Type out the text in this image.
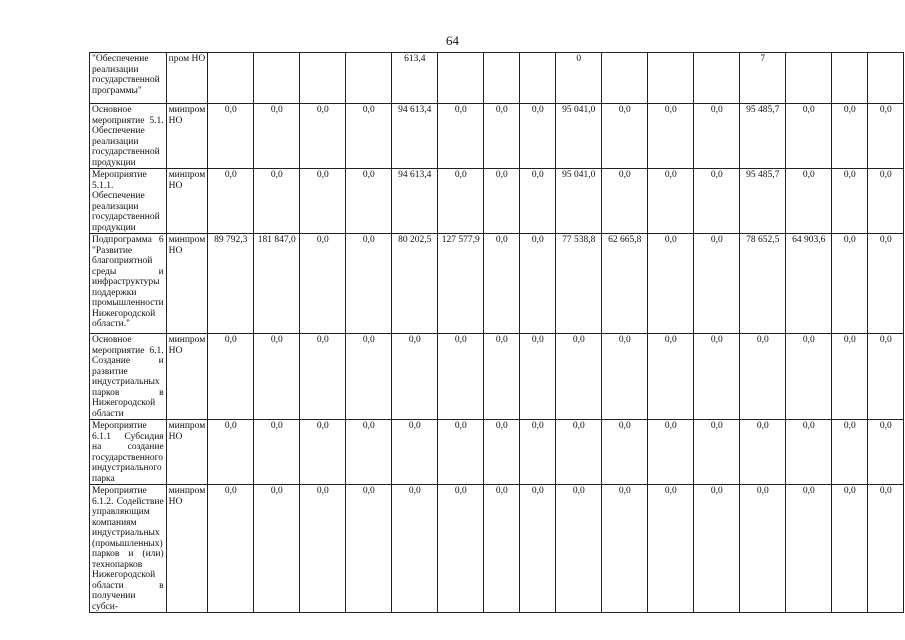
64
"Обеспечение реализации государственной программы"	пром НО					613,4				0				7			
Основное мероприятие 5.1. Обеспечение реализации государственной продукции	минпром НО	0,0	0,0	0,0	0,0	94 613,4	0,0	0,0	0,0	95 041,0	0,0	0,0	0,0	95 485,7	0,0	0,0	0,0
Мероприятие 5.1.1. Обеспечение реализации государственной продукции	минпром НО	0,0	0,0	0,0	0,0	94 613,4	0,0	0,0	0,0	95 041,0	0,0	0,0	0,0	95 485,7	0,0	0,0	0,0
Подпрограмма 6 "Развитие благоприятной среды и инфраструктуры поддержки промышленности Нижегородской области."	минпром НО	89 792,3	181 847,0	0,0	0,0	80 202,5	127 577,9	0,0	0,0	77 538,8	62 665,8	0,0	0,0	78 652,5	64 903,6	0,0	0,0
Основное мероприятие 6.1. Создание и развитие индустриальных парков в Нижегородской области	минпром НО	0,0	0,0	0,0	0,0	0,0	0,0	0,0	0,0	0,0	0,0	0,0	0,0	0,0	0,0	0,0	0,0
Мероприятие 6.1.1 Субсидия на создание государственного индустриального парка	минпром НО	0,0	0,0	0,0	0,0	0,0	0,0	0,0	0,0	0,0	0,0	0,0	0,0	0,0	0,0	0,0	0,0
Мероприятие 6.1.2. Содействие управляющим компаниям индустриальных (промышленных) парков и (или) технопарков Нижегородской области в получении субси-	минпром НО	0,0	0,0	0,0	0,0	0,0	0,0	0,0	0,0	0,0	0,0	0,0	0,0	0,0	0,0	0,0	0,0
